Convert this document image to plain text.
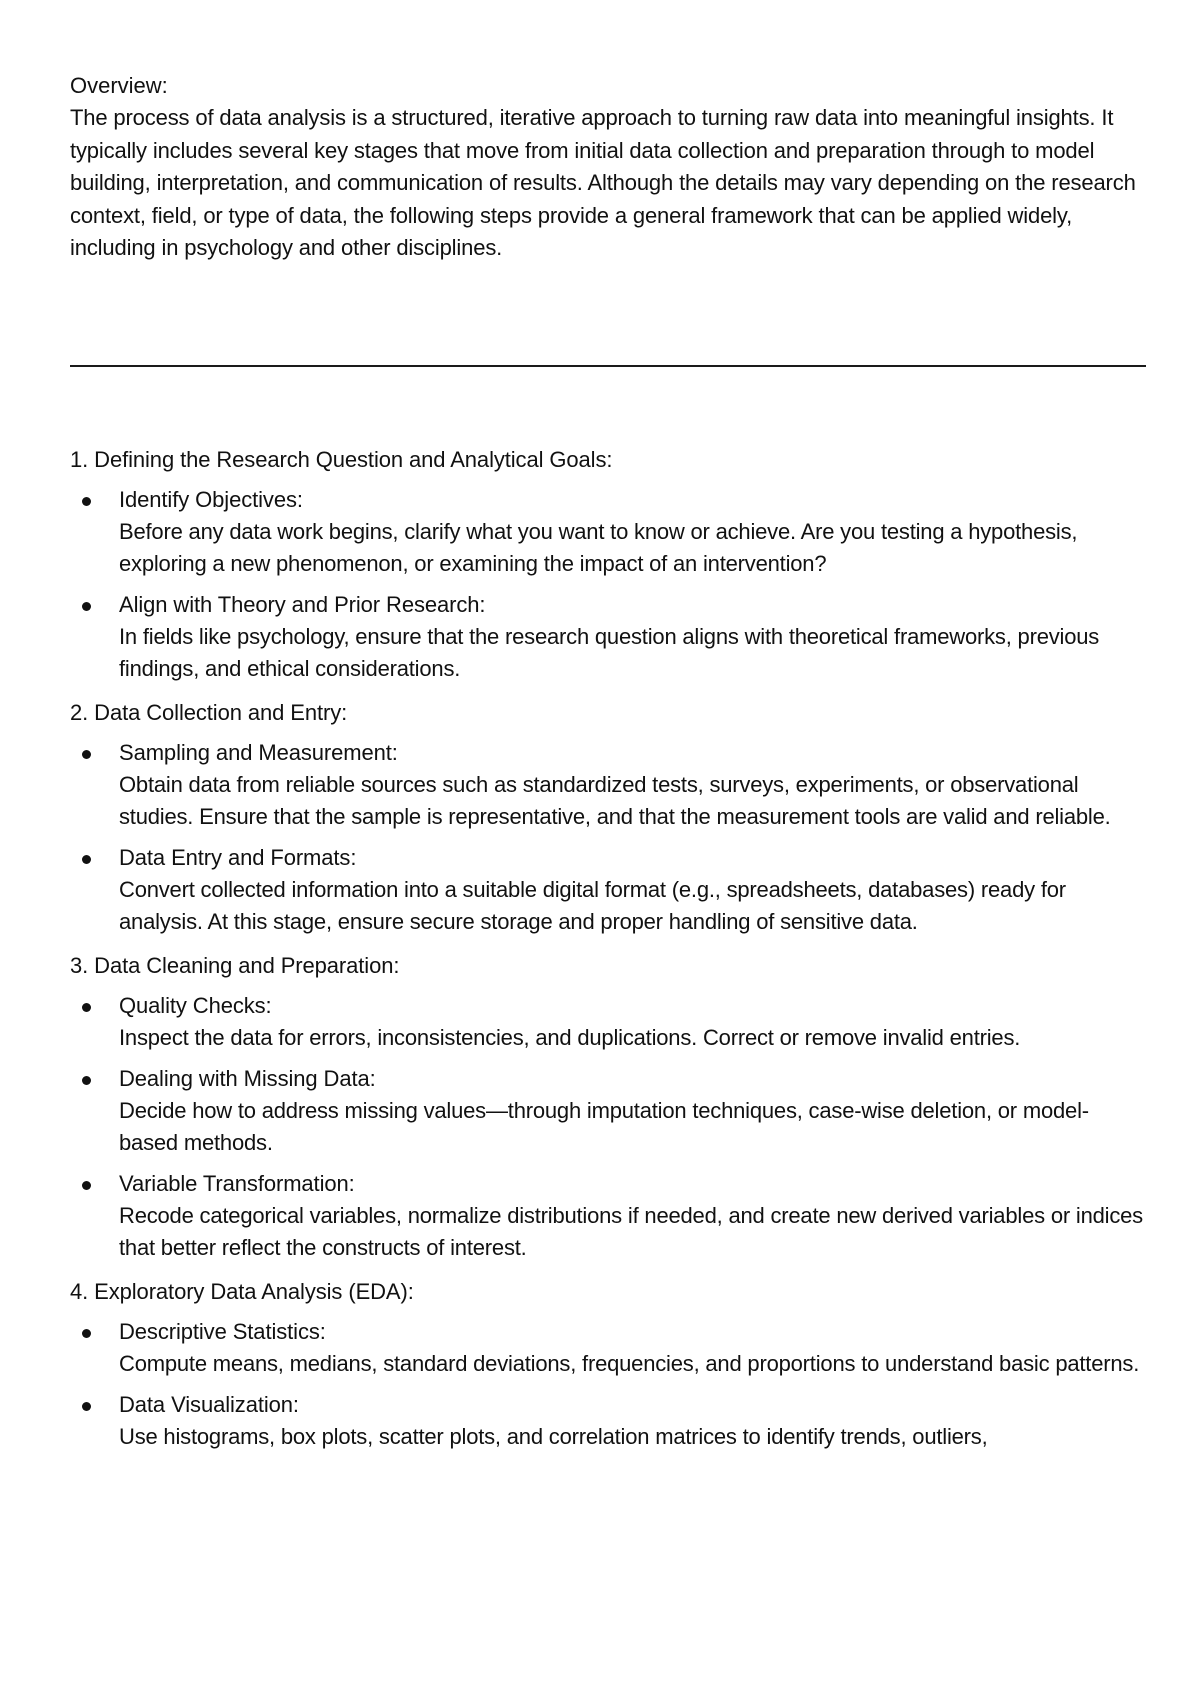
Overview:

The process of data analysis is a structured, iterative approach to turning raw data into meaningful insights. It typically includes several key stages that move from initial data collection and preparation through to model building, interpretation, and communication of results. Although the details may vary depending on the research context, field, or type of data, the following steps provide a general framework that can be applied widely, including in psychology and other disciplines.

1. Defining the Research Question and Analytical Goals:

Identify Objectives:

Before any data work begins, clarify what you want to know or achieve. Are you testing a hypothesis, exploring a new phenomenon, or examining the impact of an intervention?

Align with Theory and Prior Research:

In fields like psychology, ensure that the research question aligns with theoretical frameworks, previous findings, and ethical considerations.

2. Data Collection and Entry:

Sampling and Measurement:

Obtain data from reliable sources such as standardized tests, surveys, experiments, or observational studies. Ensure that the sample is representative, and that the measurement tools are valid and reliable.

Data Entry and Formats:

Convert collected information into a suitable digital format (e.g., spreadsheets, databases) ready for analysis. At this stage, ensure secure storage and proper handling of sensitive data.

3. Data Cleaning and Preparation:

Quality Checks:

Inspect the data for errors, inconsistencies, and duplications. Correct or remove invalid entries.

Dealing with Missing Data:

Decide how to address missing values—through imputation techniques, case-wise deletion, or model-based methods.

Variable Transformation:

Recode categorical variables, normalize distributions if needed, and create new derived variables or indices that better reflect the constructs of interest.

4. Exploratory Data Analysis (EDA):

Descriptive Statistics:

Compute means, medians, standard deviations, frequencies, and proportions to understand basic patterns.

Data Visualization:

Use histograms, box plots, scatter plots, and correlation matrices to identify trends, outliers,
